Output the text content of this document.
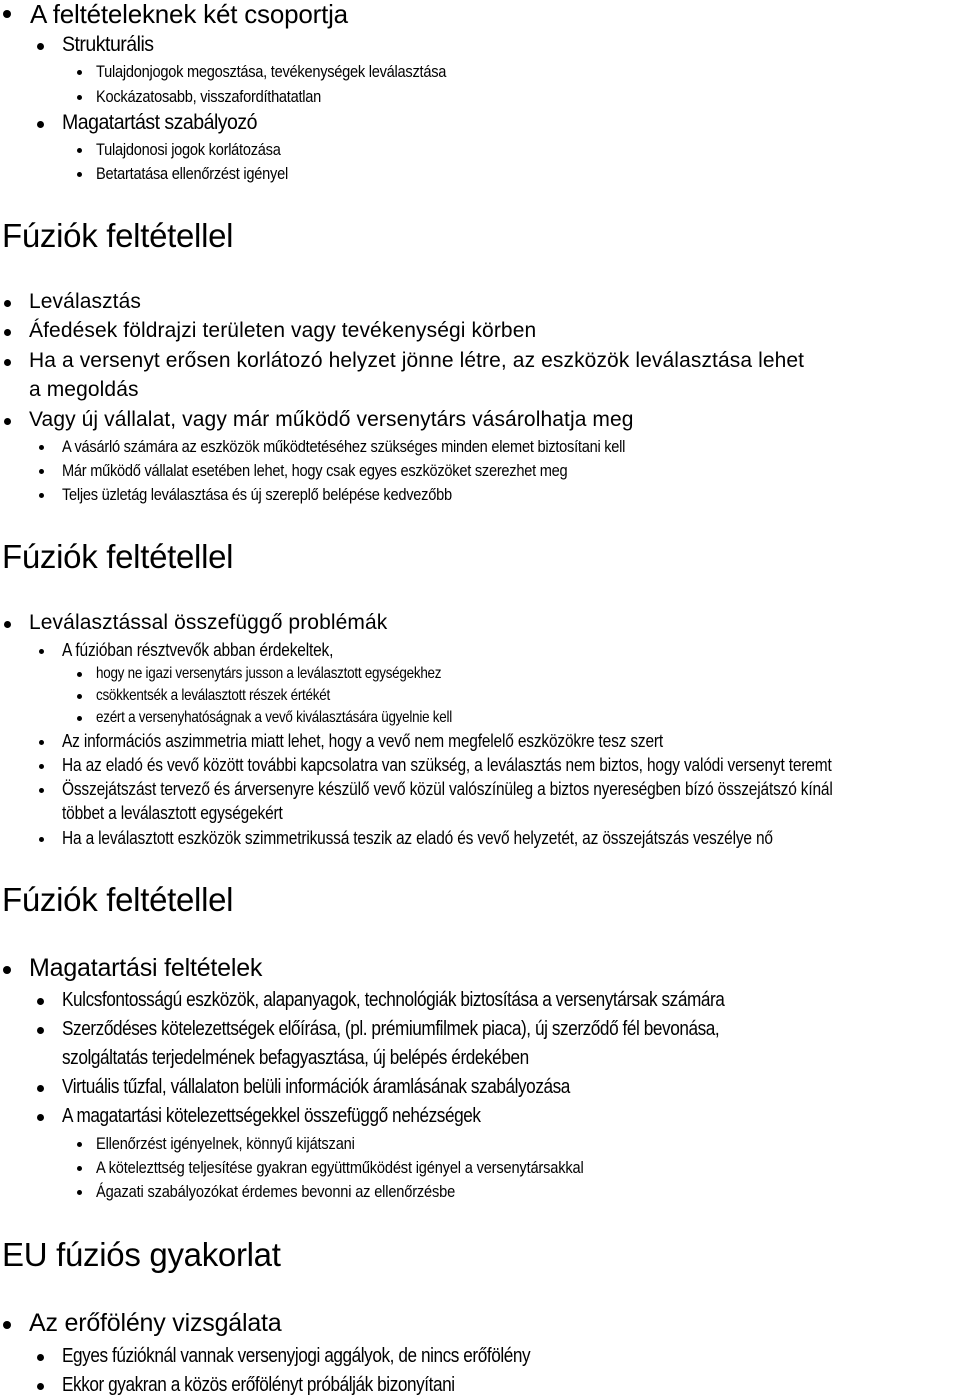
A feltételeknek két csoportja
Strukturális
Tulajdonjogok megosztása, tevékenységek leválasztása
Kockázatosabb, visszafordíthatatlan
Magatartást szabályozó
Tulajdonosi jogok korlátozása
Betartatása ellenőrzést igényel
Fúziók feltétellel
Leválasztás
Áfedések földrajzi területen vagy tevékenységi körben
Ha a versenyt erősen korlátozó helyzet jönne létre, az eszközök leválasztása lehet
a megoldás
Vagy új vállalat, vagy már működő versenytárs vásárolhatja meg
A vásárló számára az eszközök működtetéséhez szükséges minden elemet biztosítani kell
Már működő vállalat esetében lehet, hogy csak egyes eszközöket szerezhet meg
Teljes üzletág leválasztása és új szereplő belépése kedvezőbb
Fúziók feltétellel
Leválasztással összefüggő problémák
A fúzióban résztvevők abban érdekeltek,
hogy ne igazi versenytárs jusson a leválasztott egységekhez
csökkentsék a leválasztott részek értékét
ezért a versenyhatóságnak a vevő kiválasztására ügyelnie kell
Az információs aszimmetria miatt lehet, hogy a vevő nem megfelelő eszközökre tesz szert
Ha az eladó és vevő között további kapcsolatra van szükség, a leválasztás nem biztos, hogy valódi versenyt teremt
Összejátszást tervező és árversenyre készülő vevő közül valószínüleg a biztos nyereségben bízó összejátszó kínál
többet a leválasztott egységekért
Ha a leválasztott eszközök szimmetrikussá teszik az eladó és vevő helyzetét, az összejátszás veszélye nő
Fúziók feltétellel
Magatartási feltételek
Kulcsfontosságú eszközök, alapanyagok, technológiák biztosítása a versenytársak számára
Szerződéses kötelezettségek előírása, (pl. prémiumfilmek piaca), új szerződő fél bevonása,
szolgáltatás terjedelmének befagyasztása, új belépés érdekében
Virtuális tűzfal, vállalaton belüli információk áramlásának szabályozása
A magatartási kötelezettségekkel összefüggő nehézségek
Ellenőrzést igényelnek, könnyű kijátszani
A kötelezttség teljesítése gyakran együttműködést igényel a versenytársakkal
Ágazati szabályozókat érdemes bevonni az ellenőrzésbe
EU fúziós gyakorlat
Az erőfölény vizsgálata
Egyes fúzióknál vannak versenyjogi aggályok, de nincs erőfölény
Ekkor gyakran a közös erőfölényt próbálják bizonyítani
